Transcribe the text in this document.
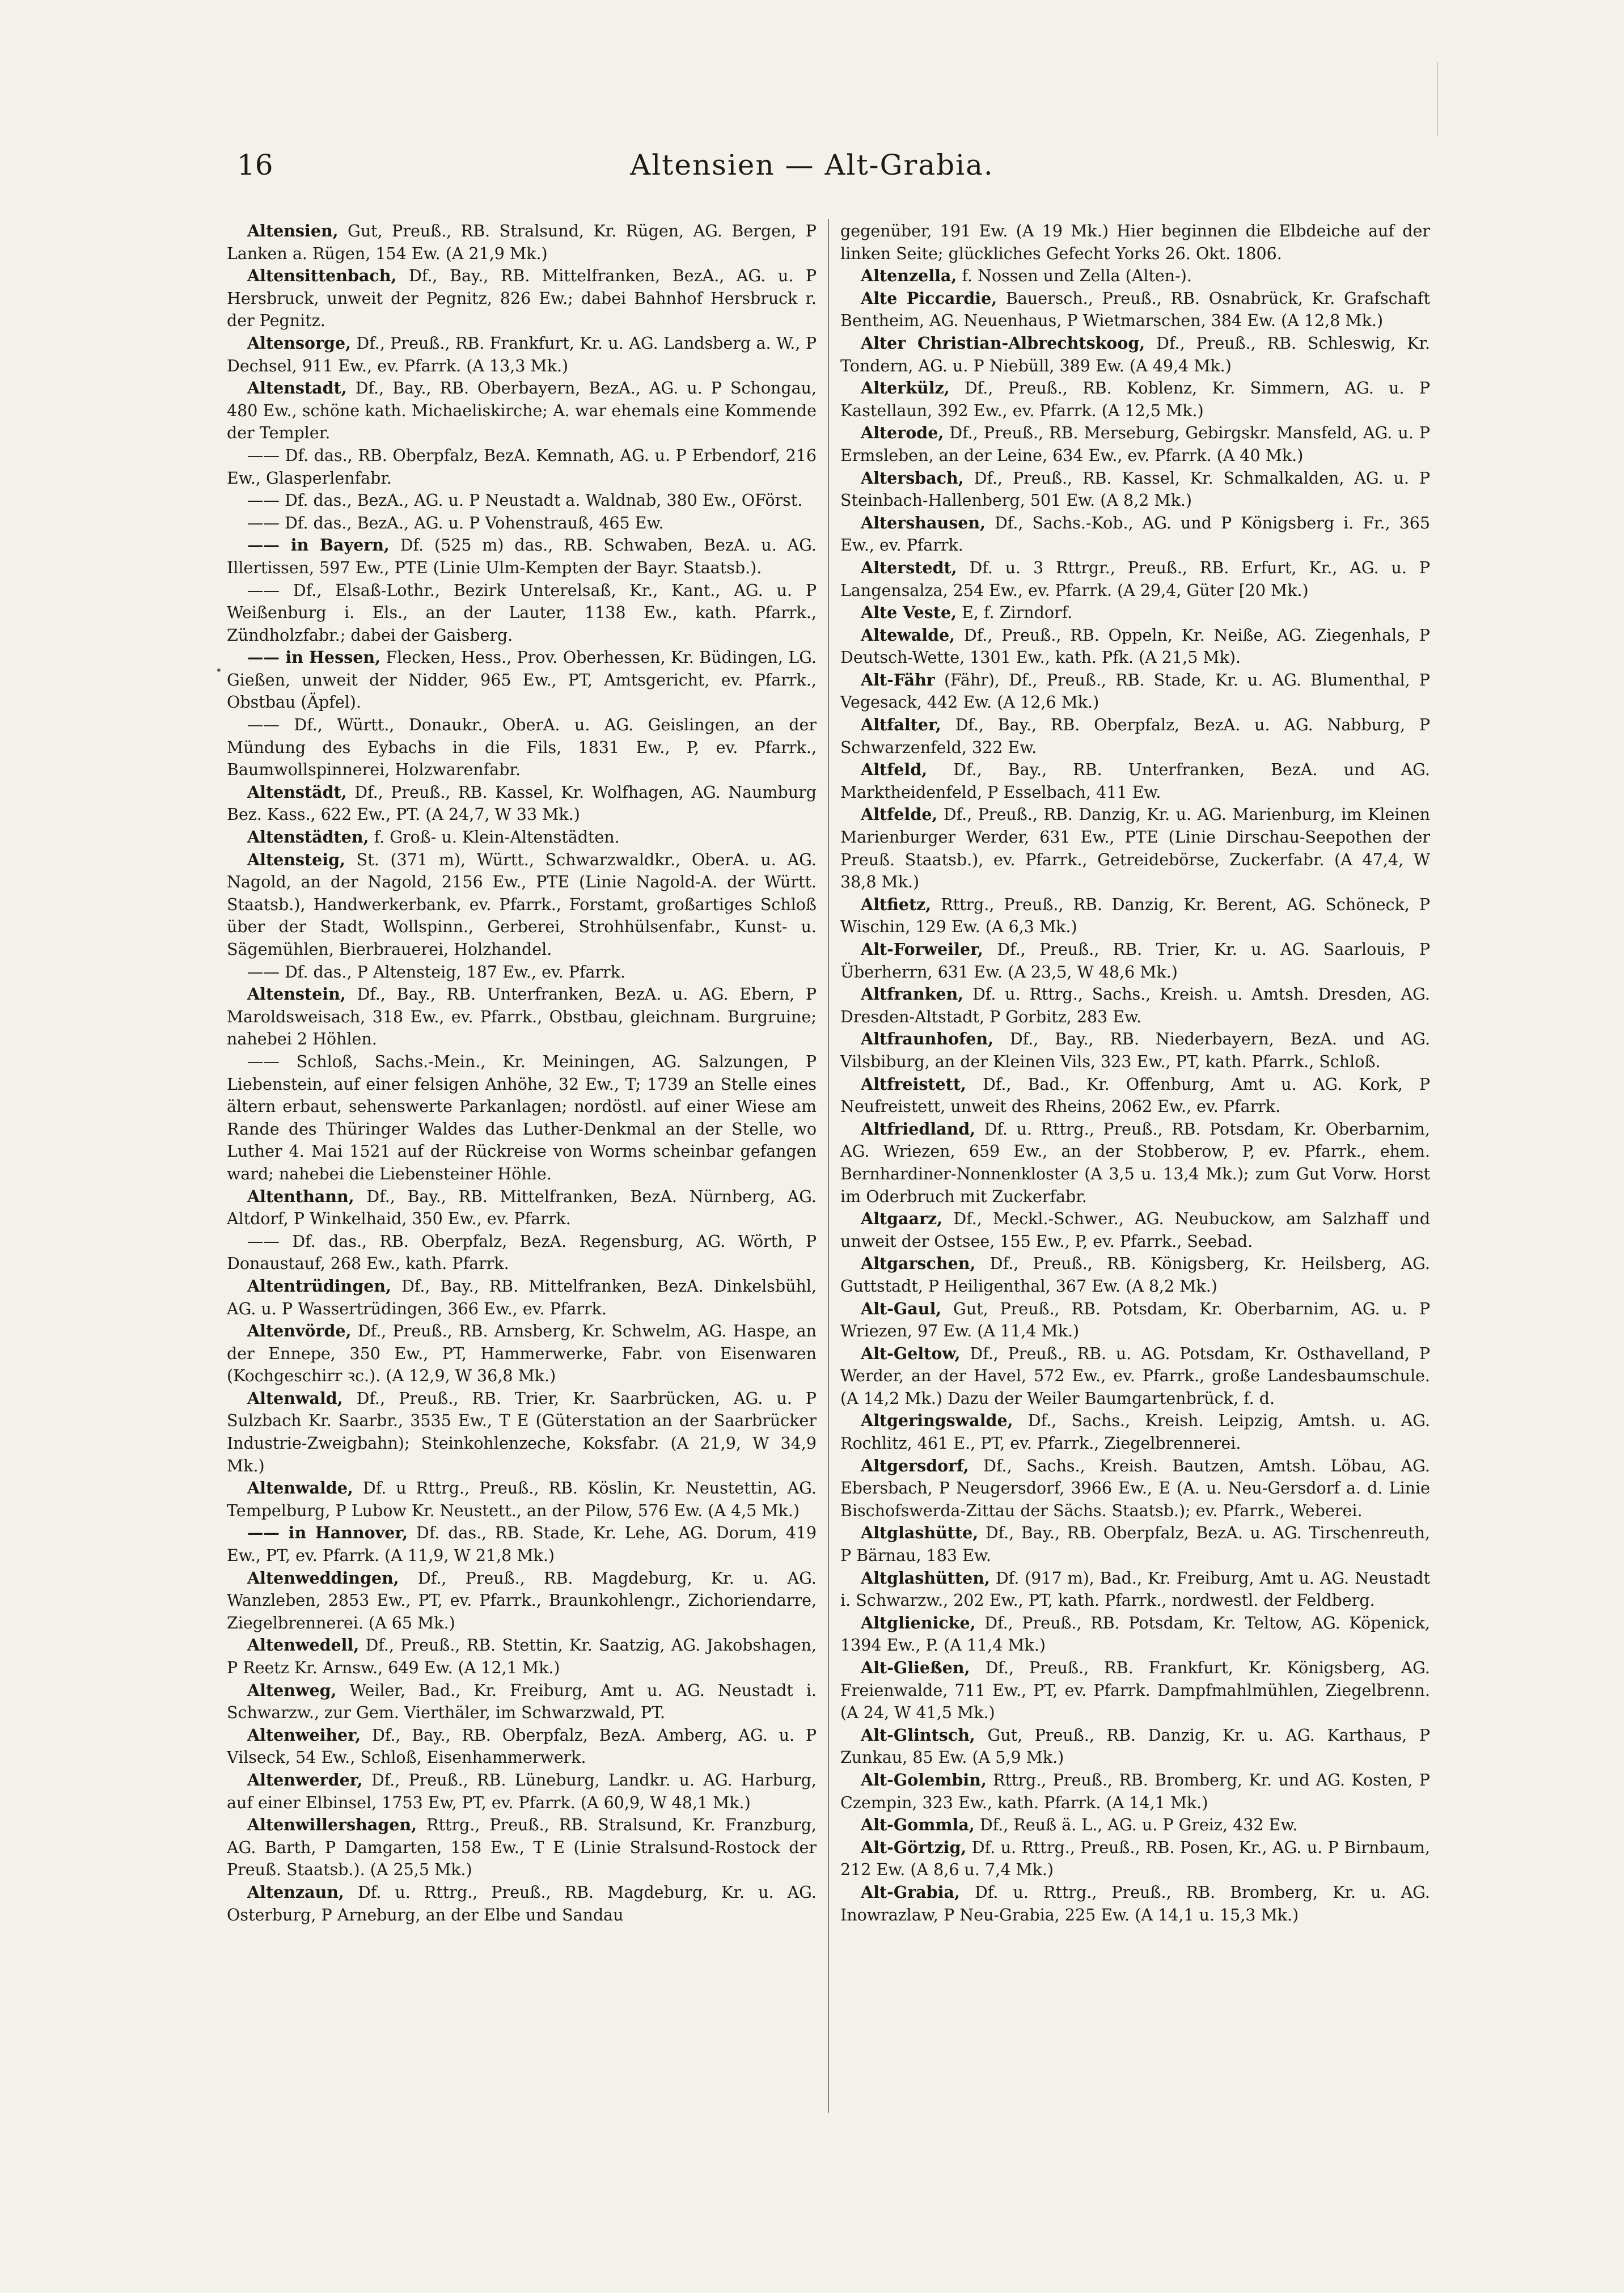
•
16	Altensien — Alt-Grabia.

Altensien, Gut, Preuß., RB. Stralsund, Kr. Rügen, AG. Bergen, P Lanken a. Rügen, 154 Ew. (A 21,9 Mk.)

Altensittenbach, Df., Bay., RB. Mittelfranken, BezA., AG. u. P Hersbruck, unweit der Pegnitz, 826 Ew.; dabei Bahnhof Hersbruck r. der Pegnitz.

Altensorge, Df., Preuß., RB. Frankfurt, Kr. u. AG. Landsberg a. W., P Dechsel, 911 Ew., ev. Pfarrk. (A 13,3 Mk.)

Altenstadt, Df., Bay., RB. Oberbayern, BezA., AG. u. P Schongau, 480 Ew., schöne kath. Michaeliskirche; A. war ehemals eine Kommende der Templer.

—— Df. das., RB. Oberpfalz, BezA. Kemnath, AG. u. P Erbendorf, 216 Ew., Glasperlenfabr.

—— Df. das., BezA., AG. u. P Neustadt a. Waldnab, 380 Ew., OFörst.

—— Df. das., BezA., AG. u. P Vohenstrauß, 465 Ew.

—— in Bayern, Df. (525 m) das., RB. Schwaben, BezA. u. AG. Illertissen, 597 Ew., PTE (Linie Ulm-Kempten der Bayr. Staatsb.).

—— Df., Elsaß-Lothr., Bezirk Unterelsaß, Kr., Kant., AG. u. P Weißenburg i. Els., an der Lauter, 1138 Ew., kath. Pfarrk., Zündholzfabr.; dabei der Gaisberg.

—— in Hessen, Flecken, Hess., Prov. Oberhessen, Kr. Büdingen, LG. Gießen, unweit der Nidder, 965 Ew., PT, Amtsgericht, ev. Pfarrk., Obstbau (Äpfel).

—— Df., Württ., Donaukr., OberA. u. AG. Geislingen, an der Mündung des Eybachs in die Fils, 1831 Ew., P, ev. Pfarrk., Baumwollspinnerei, Holzwarenfabr.

Altenstädt, Df., Preuß., RB. Kassel, Kr. Wolfhagen, AG. Naumburg Bez. Kass., 622 Ew., PT. (A 24,7, W 33 Mk.)

Altenstädten, f. Groß- u. Klein-Altenstädten.

Altensteig, St. (371 m), Württ., Schwarzwaldkr., OberA. u. AG. Nagold, an der Nagold, 2156 Ew., PTE (Linie Nagold-A. der Württ. Staatsb.), Handwerkerbank, ev. Pfarrk., Forstamt, großartiges Schloß über der Stadt, Wollspinn., Gerberei, Strohhülsenfabr., Kunst- u. Sägemühlen, Bierbrauerei, Holzhandel.

—— Df. das., P Altensteig, 187 Ew., ev. Pfarrk.

Altenstein, Df., Bay., RB. Unterfranken, BezA. u. AG. Ebern, P Maroldsweisach, 318 Ew., ev. Pfarrk., Obstbau, gleichnam. Burgruine; nahebei 2 Höhlen.

—— Schloß, Sachs.-Mein., Kr. Meiningen, AG. Salzungen, P Liebenstein, auf einer felsigen Anhöhe, 32 Ew., T; 1739 an Stelle eines ältern erbaut, sehenswerte Parkanlagen; nordöstl. auf einer Wiese am Rande des Thüringer Waldes das Luther-Denkmal an der Stelle, wo Luther 4. Mai 1521 auf der Rückreise von Worms scheinbar gefangen ward; nahebei die Liebensteiner Höhle.

Altenthann, Df., Bay., RB. Mittelfranken, BezA. Nürnberg, AG. Altdorf, P Winkelhaid, 350 Ew., ev. Pfarrk.

—— Df. das., RB. Oberpfalz, BezA. Regensburg, AG. Wörth, P Donaustauf, 268 Ew., kath. Pfarrk.

Altentrüdingen, Df., Bay., RB. Mittelfranken, BezA. Dinkelsbühl, AG. u. P Wassertrüdingen, 366 Ew., ev. Pfarrk.

Altenvörde, Df., Preuß., RB. Arnsberg, Kr. Schwelm, AG. Haspe, an der Ennepe, 350 Ew., PT, Hammerwerke, Fabr. von Eisenwaren (Kochgeschirr ꝛc.). (A 12,9, W 36,8 Mk.)

Altenwald, Df., Preuß., RB. Trier, Kr. Saarbrücken, AG. u. P Sulzbach Kr. Saarbr., 3535 Ew., T E (Güterstation an der Saarbrücker Industrie-Zweigbahn); Steinkohlenzeche, Koksfabr. (A 21,9, W 34,9 Mk.)

Altenwalde, Df. u Rttrg., Preuß., RB. Köslin, Kr. Neustettin, AG. Tempelburg, P Lubow Kr. Neustett., an der Pilow, 576 Ew. (A 4,5 Mk.)

—— in Hannover, Df. das., RB. Stade, Kr. Lehe, AG. Dorum, 419 Ew., PT, ev. Pfarrk. (A 11,9, W 21,8 Mk.)

Altenweddingen, Df., Preuß., RB. Magdeburg, Kr. u. AG. Wanzleben, 2853 Ew., PT, ev. Pfarrk., Braunkohlengr., Zichoriendarre, Ziegelbrennerei. (A 65 Mk.)

Altenwedell, Df., Preuß., RB. Stettin, Kr. Saatzig, AG. Jakobshagen, P Reetz Kr. Arnsw., 649 Ew. (A 12,1 Mk.)

Altenweg, Weiler, Bad., Kr. Freiburg, Amt u. AG. Neustadt i. Schwarzw., zur Gem. Vierthäler, im Schwarzwald, PT.

Altenweiher, Df., Bay., RB. Oberpfalz, BezA. Amberg, AG. u. P Vilseck, 54 Ew., Schloß, Eisenhammerwerk.

Altenwerder, Df., Preuß., RB. Lüneburg, Landkr. u. AG. Harburg, auf einer Elbinsel, 1753 Ew, PT, ev. Pfarrk. (A 60,9, W 48,1 Mk.)

Altenwillershagen, Rttrg., Preuß., RB. Stralsund, Kr. Franzburg, AG. Barth, P Damgarten, 158 Ew., T E (Linie Stralsund-Rostock der Preuß. Staatsb.). (A 25,5 Mk.)

Altenzaun, Df. u. Rttrg., Preuß., RB. Magdeburg, Kr. u. AG. Osterburg, P Arneburg, an der Elbe und Sandau

gegenüber, 191 Ew. (A 19 Mk.) Hier beginnen die Elbdeiche auf der linken Seite; glückliches Gefecht Yorks 26. Okt. 1806.

Altenzella, f. Nossen und Zella (Alten-).

Alte Piccardie, Bauersch., Preuß., RB. Osnabrück, Kr. Grafschaft Bentheim, AG. Neuenhaus, P Wietmarschen, 384 Ew. (A 12,8 Mk.)

Alter Christian-Albrechtskoog, Df., Preuß., RB. Schleswig, Kr. Tondern, AG. u. P Niebüll, 389 Ew. (A 49,4 Mk.)

Alterkülz, Df., Preuß., RB. Koblenz, Kr. Simmern, AG. u. P Kastellaun, 392 Ew., ev. Pfarrk. (A 12,5 Mk.)

Alterode, Df., Preuß., RB. Merseburg, Gebirgskr. Mansfeld, AG. u. P Ermsleben, an der Leine, 634 Ew., ev. Pfarrk. (A 40 Mk.)

Altersbach, Df., Preuß., RB. Kassel, Kr. Schmalkalden, AG. u. P Steinbach-Hallenberg, 501 Ew. (A 8,2 Mk.)

Altershausen, Df., Sachs.-Kob., AG. und P Königsberg i. Fr., 365 Ew., ev. Pfarrk.

Alterstedt, Df. u. 3 Rttrgr., Preuß., RB. Erfurt, Kr., AG. u. P Langensalza, 254 Ew., ev. Pfarrk. (A 29,4, Güter [20 Mk.)

Alte Veste, E, f. Zirndorf.

Altewalde, Df., Preuß., RB. Oppeln, Kr. Neiße, AG. Ziegenhals, P Deutsch-Wette, 1301 Ew., kath. Pfk. (A 21,5 Mk).

Alt-Fähr (Fähr), Df., Preuß., RB. Stade, Kr. u. AG. Blumenthal, P Vegesack, 442 Ew. (A 12,6 Mk.)

Altfalter, Df., Bay., RB. Oberpfalz, BezA. u. AG. Nabburg, P Schwarzenfeld, 322 Ew.

Altfeld, Df., Bay., RB. Unterfranken, BezA. und AG. Marktheidenfeld, P Esselbach, 411 Ew.

Altfelde, Df., Preuß., RB. Danzig, Kr. u. AG. Marienburg, im Kleinen Marienburger Werder, 631 Ew., PTE (Linie Dirschau-Seepothen der Preuß. Staatsb.), ev. Pfarrk., Getreidebörse, Zuckerfabr. (A 47,4, W 38,8 Mk.)

Altfietz, Rttrg., Preuß., RB. Danzig, Kr. Berent, AG. Schöneck, P Wischin, 129 Ew. (A 6,3 Mk.)

Alt-Forweiler, Df., Preuß., RB. Trier, Kr. u. AG. Saarlouis, P Überherrn, 631 Ew. (A 23,5, W 48,6 Mk.)

Altfranken, Df. u. Rttrg., Sachs., Kreish. u. Amtsh. Dresden, AG. Dresden-Altstadt, P Gorbitz, 283 Ew.

Altfraunhofen, Df., Bay., RB. Niederbayern, BezA. und AG. Vilsbiburg, an der Kleinen Vils, 323 Ew., PT, kath. Pfarrk., Schloß.

Altfreistett, Df., Bad., Kr. Offenburg, Amt u. AG. Kork, P Neufreistett, unweit des Rheins, 2062 Ew., ev. Pfarrk.

Altfriedland, Df. u. Rttrg., Preuß., RB. Potsdam, Kr. Oberbarnim, AG. Wriezen, 659 Ew., an der Stobberow, P, ev. Pfarrk., ehem. Bernhardiner-Nonnenkloster (A 3,5 u. 13,4 Mk.); zum Gut Vorw. Horst im Oderbruch mit Zuckerfabr.

Altgaarz, Df., Meckl.-Schwer., AG. Neubuckow, am Salzhaff und unweit der Ostsee, 155 Ew., P, ev. Pfarrk., Seebad.

Altgarschen, Df., Preuß., RB. Königsberg, Kr. Heilsberg, AG. Guttstadt, P Heiligenthal, 367 Ew. (A 8,2 Mk.)

Alt-Gaul, Gut, Preuß., RB. Potsdam, Kr. Oberbarnim, AG. u. P Wriezen, 97 Ew. (A 11,4 Mk.)

Alt-Geltow, Df., Preuß., RB. u. AG. Potsdam, Kr. Osthavelland, P Werder, an der Havel, 572 Ew., ev. Pfarrk., große Landesbaumschule. (A 14,2 Mk.) Dazu der Weiler Baumgartenbrück, f. d.

Altgeringswalde, Df., Sachs., Kreish. Leipzig, Amtsh. u. AG. Rochlitz, 461 E., PT, ev. Pfarrk., Ziegelbrennerei.

Altgersdorf, Df., Sachs., Kreish. Bautzen, Amtsh. Löbau, AG. Ebersbach, P Neugersdorf, 3966 Ew., E (A. u. Neu-Gersdorf a. d. Linie Bischofswerda-Zittau der Sächs. Staatsb.); ev. Pfarrk., Weberei.

Altglashütte, Df., Bay., RB. Oberpfalz, BezA. u. AG. Tirschenreuth, P Bärnau, 183 Ew.

Altglashütten, Df. (917 m), Bad., Kr. Freiburg, Amt u. AG. Neustadt i. Schwarzw., 202 Ew., PT, kath. Pfarrk., nordwestl. der Feldberg.

Altglienicke, Df., Preuß., RB. Potsdam, Kr. Teltow, AG. Köpenick, 1394 Ew., P. (A 11,4 Mk.)

Alt-Gließen, Df., Preuß., RB. Frankfurt, Kr. Königsberg, AG. Freienwalde, 711 Ew., PT, ev. Pfarrk. Dampfmahlmühlen, Ziegelbrenn. (A 24, W 41,5 Mk.)

Alt-Glintsch, Gut, Preuß., RB. Danzig, Kr. u. AG. Karthaus, P Zunkau, 85 Ew. (A 5,9 Mk.)

Alt-Golembin, Rttrg., Preuß., RB. Bromberg, Kr. und AG. Kosten, P Czempin, 323 Ew., kath. Pfarrk. (A 14,1 Mk.)

Alt-Gommla, Df., Reuß ä. L., AG. u. P Greiz, 432 Ew.

Alt-Görtzig, Df. u. Rttrg., Preuß., RB. Posen, Kr., AG. u. P Birnbaum, 212 Ew. (A 8,6 u. 7,4 Mk.)

Alt-Grabia, Df. u. Rttrg., Preuß., RB. Bromberg, Kr. u. AG. Inowrazlaw, P Neu-Grabia, 225 Ew. (A 14,1 u. 15,3 Mk.)
